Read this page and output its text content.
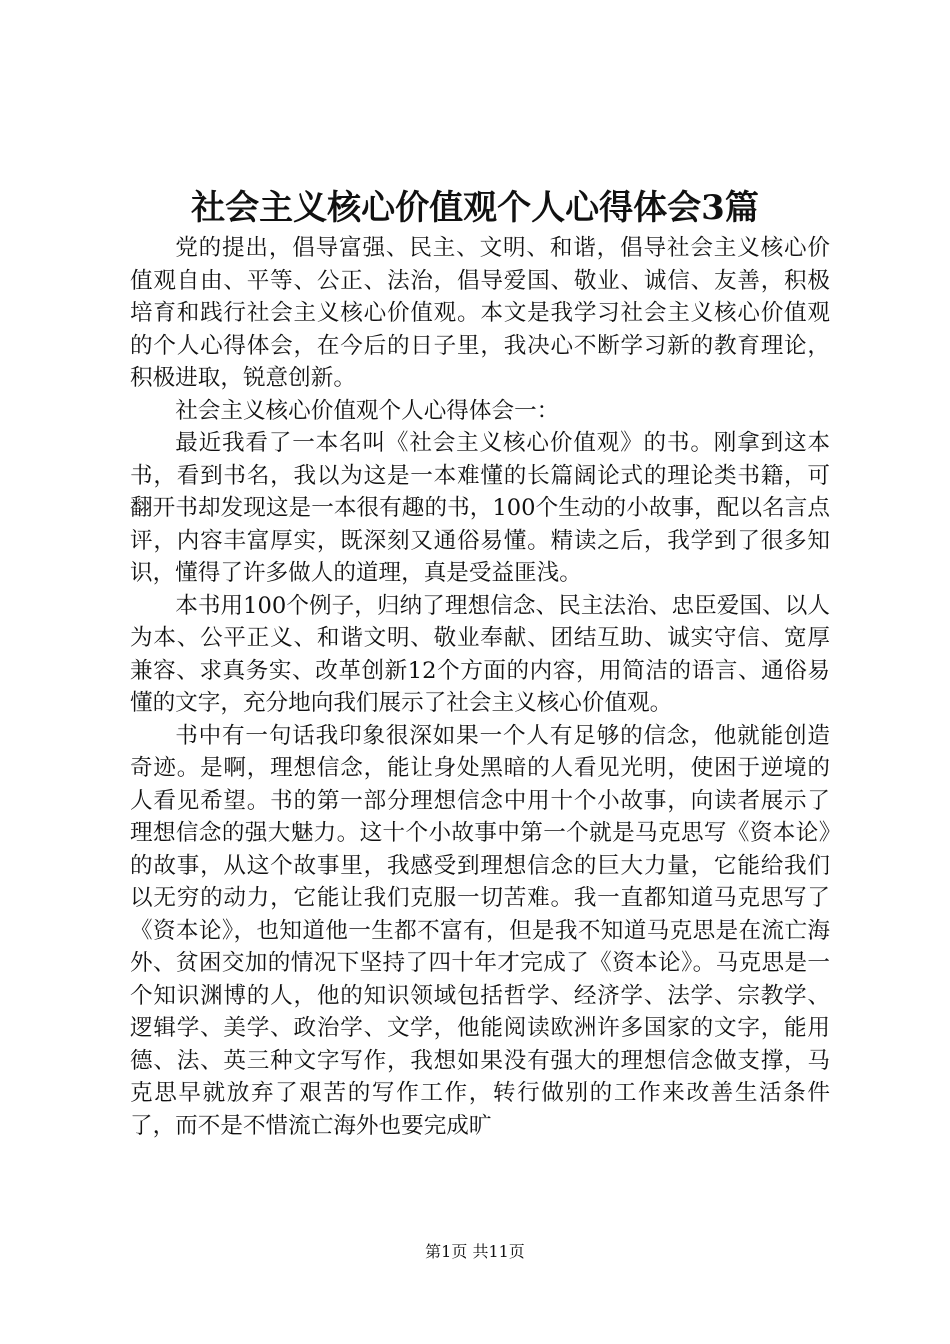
社会主义核心价值观个人心得体会3篇

党的提出，倡导富强、民主、文明、和谐，倡导社会主义核心价值观自由、平等、公正、法治，倡导爱国、敬业、诚信、友善，积极培育和践行社会主义核心价值观。本文是我学习社会主义核心价值观的个人心得体会，在今后的日子里，我决心不断学习新的教育理论，积极进取，锐意创新。

社会主义核心价值观个人心得体会一：

最近我看了一本名叫《社会主义核心价值观》的书。刚拿到这本书，看到书名，我以为这是一本难懂的长篇阔论式的理论类书籍，可翻开书却发现这是一本很有趣的书，100个生动的小故事，配以名言点评，内容丰富厚实，既深刻又通俗易懂。精读之后，我学到了很多知识，懂得了许多做人的道理，真是受益匪浅。

本书用100个例子，归纳了理想信念、民主法治、忠臣爱国、以人为本、公平正义、和谐文明、敬业奉献、团结互助、诚实守信、宽厚兼容、求真务实、改革创新12个方面的内容，用简洁的语言、通俗易懂的文字，充分地向我们展示了社会主义核心价值观。

书中有一句话我印象很深如果一个人有足够的信念，他就能创造奇迹。是啊，理想信念，能让身处黑暗的人看见光明，使困于逆境的人看见希望。书的第一部分理想信念中用十个小故事，向读者展示了理想信念的强大魅力。这十个小故事中第一个就是马克思写《资本论》的故事，从这个故事里，我感受到理想信念的巨大力量，它能给我们以无穷的动力，它能让我们克服一切苦难。我一直都知道马克思写了《资本论》，也知道他一生都不富有，但是我不知道马克思是在流亡海外、贫困交加的情况下坚持了四十年才完成了《资本论》。马克思是一个知识渊博的人，他的知识领域包括哲学、经济学、法学、宗教学、逻辑学、美学、政治学、文学，他能阅读欧洲许多国家的文字，能用德、法、英三种文字写作，我想如果没有强大的理想信念做支撑，马克思早就放弃了艰苦的写作工作，转行做别的工作来改善生活条件了，而不是不惜流亡海外也要完成旷

第1页 共11页
